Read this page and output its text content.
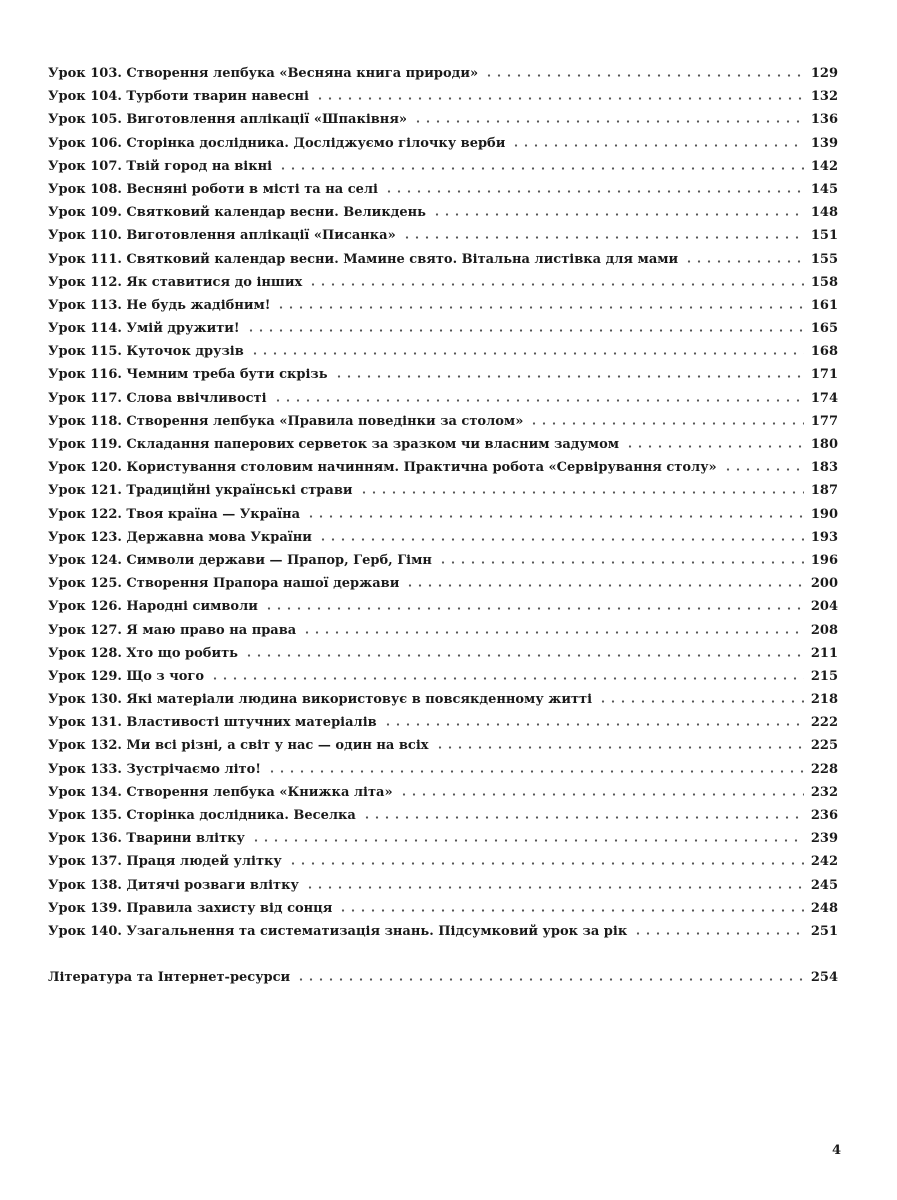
Урок 103. Створення лепбука «Весняна книга природи»	129
Урок 104. Турботи тварин навесні	132
Урок 105. Виготовлення аплікації «Шпаківня»	136
Урок 106. Сторінка дослідника. Досліджуємо гілочку верби	139
Урок 107. Твій город на вікні	142
Урок 108. Весняні роботи в місті та на селі	145
Урок 109. Святковий календар весни. Великдень	148
Урок 110. Виготовлення аплікації «Писанка»	151
Урок 111. Святковий календар весни. Мамине свято. Вітальна листівка для мами	155
Урок 112. Як ставитися до інших	158
Урок 113. Не будь жадібним!	161
Урок 114. Умій дружити!	165
Урок 115. Куточок друзів	168
Урок 116. Чемним треба бути скрізь	171
Урок 117. Слова ввічливості	174
Урок 118. Створення лепбука «Правила поведінки за столом»	177
Урок 119. Складання паперових серветок за зразком чи власним задумом	180
Урок 120. Користування столовим начинням. Практична робота «Сервірування столу»	183
Урок 121. Традиційні українські страви	187
Урок 122. Твоя країна — Україна	190
Урок 123. Державна мова України	193
Урок 124. Символи держави — Прапор, Герб, Гімн	196
Урок 125. Створення Прапора нашої держави	200
Урок 126. Народні символи	204
Урок 127. Я маю право на права	208
Урок 128. Хто що робить	211
Урок 129. Що з чого	215
Урок 130. Які матеріали людина використовує в повсякденному житті	218
Урок 131. Властивості штучних матеріалів	222
Урок 132. Ми всі різні, а світ у нас — один на всіх	225
Урок 133. Зустрічаємо літо!	228
Урок 134. Створення лепбука «Книжка літа»	232
Урок 135. Сторінка дослідника. Веселка	236
Урок 136. Тварини влітку	239
Урок 137. Праця людей улітку	242
Урок 138. Дитячі розваги влітку	245
Урок 139. Правила захисту від сонця	248
Урок 140. Узагальнення та систематизація знань. Підсумковий урок за рік	251
Література та Інтернет-ресурси	254
4
